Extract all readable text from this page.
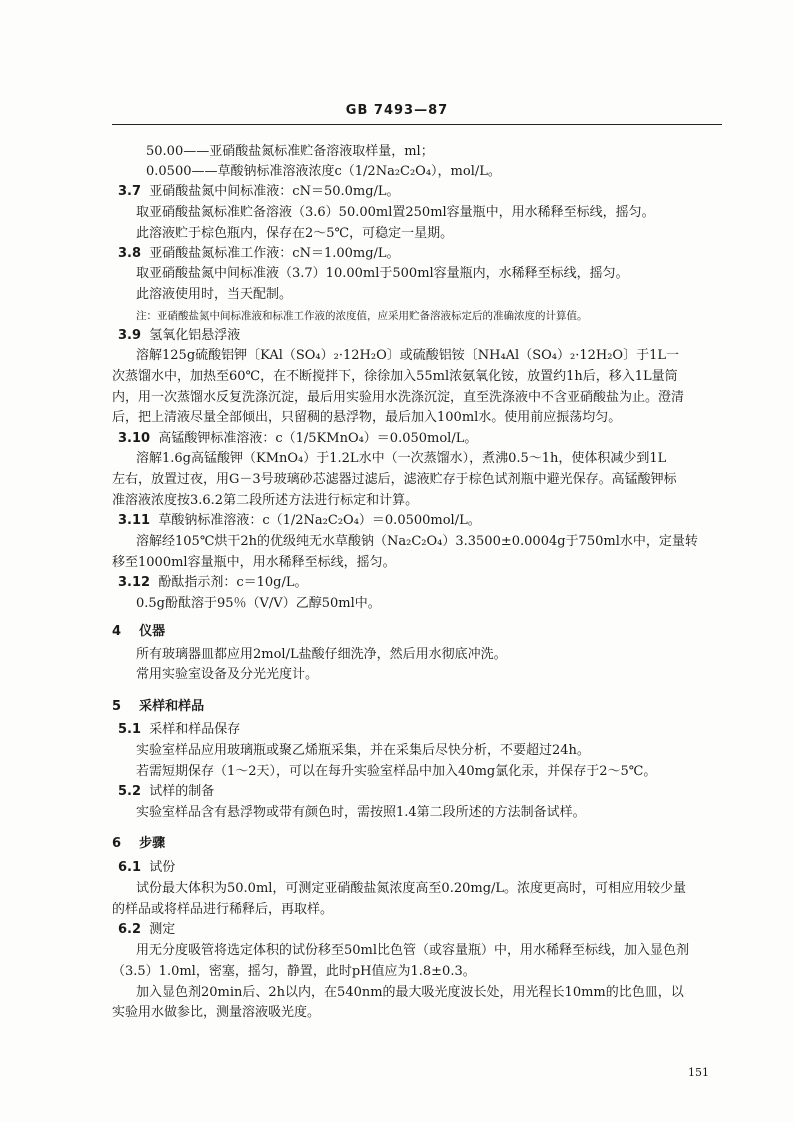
GB 7493—87
50.00——亚硝酸盐氮标准贮备溶液取样量，ml；
0.0500——草酸钠标准溶液浓度c（1/2Na₂C₂O₄），mol/L。
3.7 亚硝酸盐氮中间标准液：cN＝50.0mg/L。
取亚硝酸盐氮标准贮备溶液（3.6）50.00ml置250ml容量瓶中，用水稀释至标线，摇匀。
此溶液贮于棕色瓶内，保存在2～5℃，可稳定一星期。
3.8 亚硝酸盐氮标准工作液：cN＝1.00mg/L。
取亚硝酸盐氮中间标准液（3.7）10.00ml于500ml容量瓶内，水稀释至标线，摇匀。
此溶液使用时，当天配制。
注：亚硝酸盐氮中间标准液和标准工作液的浓度值，应采用贮备溶液标定后的准确浓度的计算值。
3.9 氢氧化铝悬浮液
溶解125g硫酸铝钾〔KAl（SO₄）₂·12H₂O〕或硫酸铝铵〔NH₄Al（SO₄）₂·12H₂O〕于1L一
次蒸馏水中，加热至60℃，在不断搅拌下，徐徐加入55ml浓氨氧化铵，放置约1h后，移入1L量筒
内，用一次蒸馏水反复洗涤沉淀，最后用实验用水洗涤沉淀，直至洗涤液中不含亚硝酸盐为止。澄清
后，把上清液尽量全部倾出，只留稠的悬浮物，最后加入100ml水。使用前应振荡均匀。
3.10 高锰酸钾标准溶液：c（1/5KMnO₄）＝0.050mol/L。
溶解1.6g高锰酸钾（KMnO₄）于1.2L水中（一次蒸馏水），煮沸0.5～1h，使体积减少到1L
左右，放置过夜，用G－3号玻璃砂芯滤器过滤后，滤液贮存于棕色试剂瓶中避光保存。高锰酸钾标
准溶液浓度按3.6.2第二段所述方法进行标定和计算。
3.11 草酸钠标准溶液：c（1/2Na₂C₂O₄）＝0.0500mol/L。
溶解经105℃烘干2h的优级纯无水草酸钠（Na₂C₂O₄）3.3500±0.0004g于750ml水中，定量转
移至1000ml容量瓶中，用水稀释至标线，摇匀。
3.12 酚酞指示剂：c＝10g/L。
0.5g酚酞溶于95％（V/V）乙醇50ml中。
4 仪器
所有玻璃器皿都应用2mol/L盐酸仔细洗净，然后用水彻底冲洗。
常用实验室设备及分光光度计。
5 采样和样品
5.1 采样和样品保存
实验室样品应用玻璃瓶或聚乙烯瓶采集，并在采集后尽快分析，不要超过24h。
若需短期保存（1～2天），可以在每升实验室样品中加入40mg氯化汞，并保存于2～5℃。
5.2 试样的制备
实验室样品含有悬浮物或带有颜色时，需按照1.4第二段所述的方法制备试样。
6 步骤
6.1 试份
试份最大体积为50.0ml，可测定亚硝酸盐氮浓度高至0.20mg/L。浓度更高时，可相应用较少量
的样品或将样品进行稀释后，再取样。
6.2 测定
用无分度吸管将选定体积的试份移至50ml比色管（或容量瓶）中，用水稀释至标线，加入显色剂
（3.5）1.0ml，密塞，摇匀，静置，此时pH值应为1.8±0.3。
加入显色剂20min后、2h以内，在540nm的最大吸光度波长处，用光程长10mm的比色皿，以
实验用水做参比，测量溶液吸光度。
151
